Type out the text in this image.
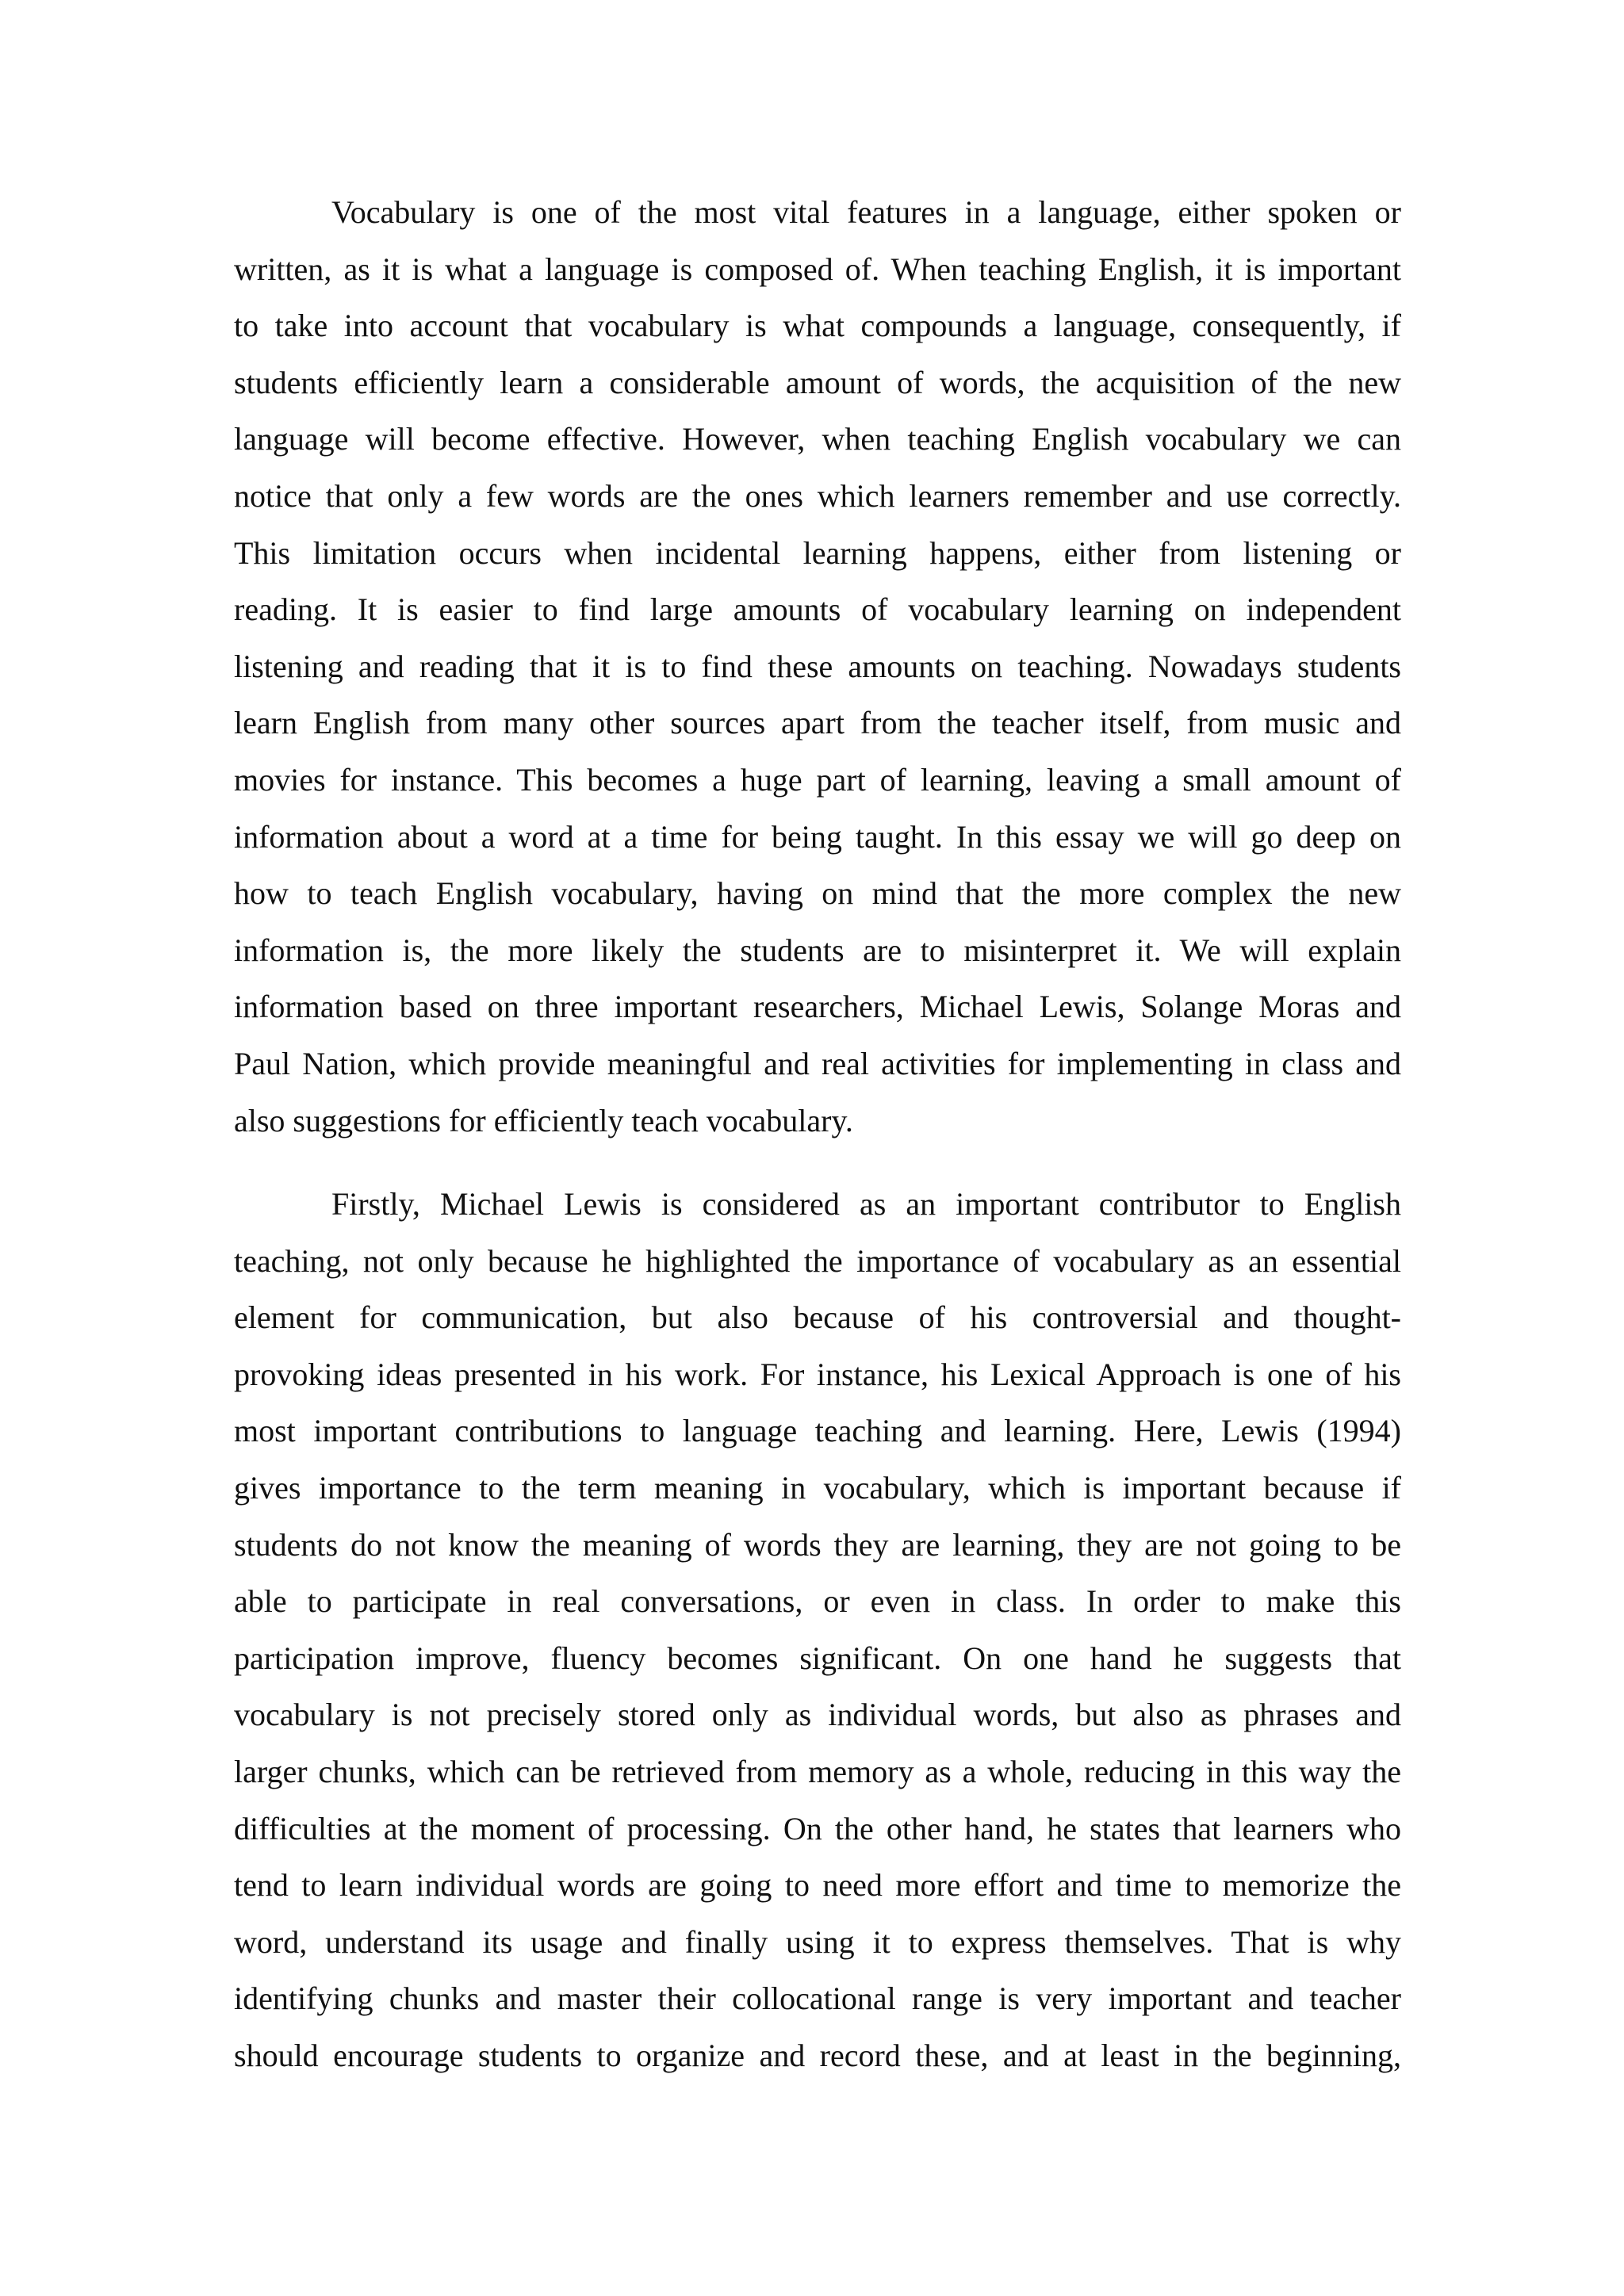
Vocabulary is one of the most vital features in a language, either spoken or
written, as it is what a language is composed of. When teaching English, it is important
to take into account that vocabulary is what compounds a language, consequently, if
students efficiently learn a considerable amount of words, the acquisition of the new
language will become effective. However, when teaching English vocabulary we can
notice that only a few words are the ones which learners remember and use correctly.
This limitation occurs when incidental learning happens, either from listening or
reading. It is easier to find large amounts of vocabulary learning on independent
listening and reading that it is to find these amounts on teaching. Nowadays students
learn English from many other sources apart from the teacher itself, from music and
movies for instance. This becomes a huge part of learning, leaving a small amount of
information about a word at a time for being taught. In this essay we will go deep on
how to teach English vocabulary, having on mind that the more complex the new
information is, the more likely the students are to misinterpret it. We will explain
information based on three important researchers, Michael Lewis, Solange Moras and
Paul Nation, which provide meaningful and real activities for implementing in class and
also suggestions for efficiently teach vocabulary.
Firstly, Michael Lewis is considered as an important contributor to English
teaching, not only because he highlighted the importance of vocabulary as an essential
element for communication, but also because of his controversial and thought-
provoking ideas presented in his work. For instance, his Lexical Approach is one of his
most important contributions to language teaching and learning. Here, Lewis (1994)
gives importance to the term meaning in vocabulary, which is important because if
students do not know the meaning of words they are learning, they are not going to be
able to participate in real conversations, or even in class. In order to make this
participation improve, fluency becomes significant. On one hand he suggests that
vocabulary is not precisely stored only as individual words, but also as phrases and
larger chunks, which can be retrieved from memory as a whole, reducing in this way the
difficulties at the moment of processing. On the other hand, he states that learners who
tend to learn individual words are going to need more effort and time to memorize the
word, understand its usage and finally using it to express themselves. That is why
identifying chunks and master their collocational range is very important and teacher
should encourage students to organize and record these, and at least in the beginning,
